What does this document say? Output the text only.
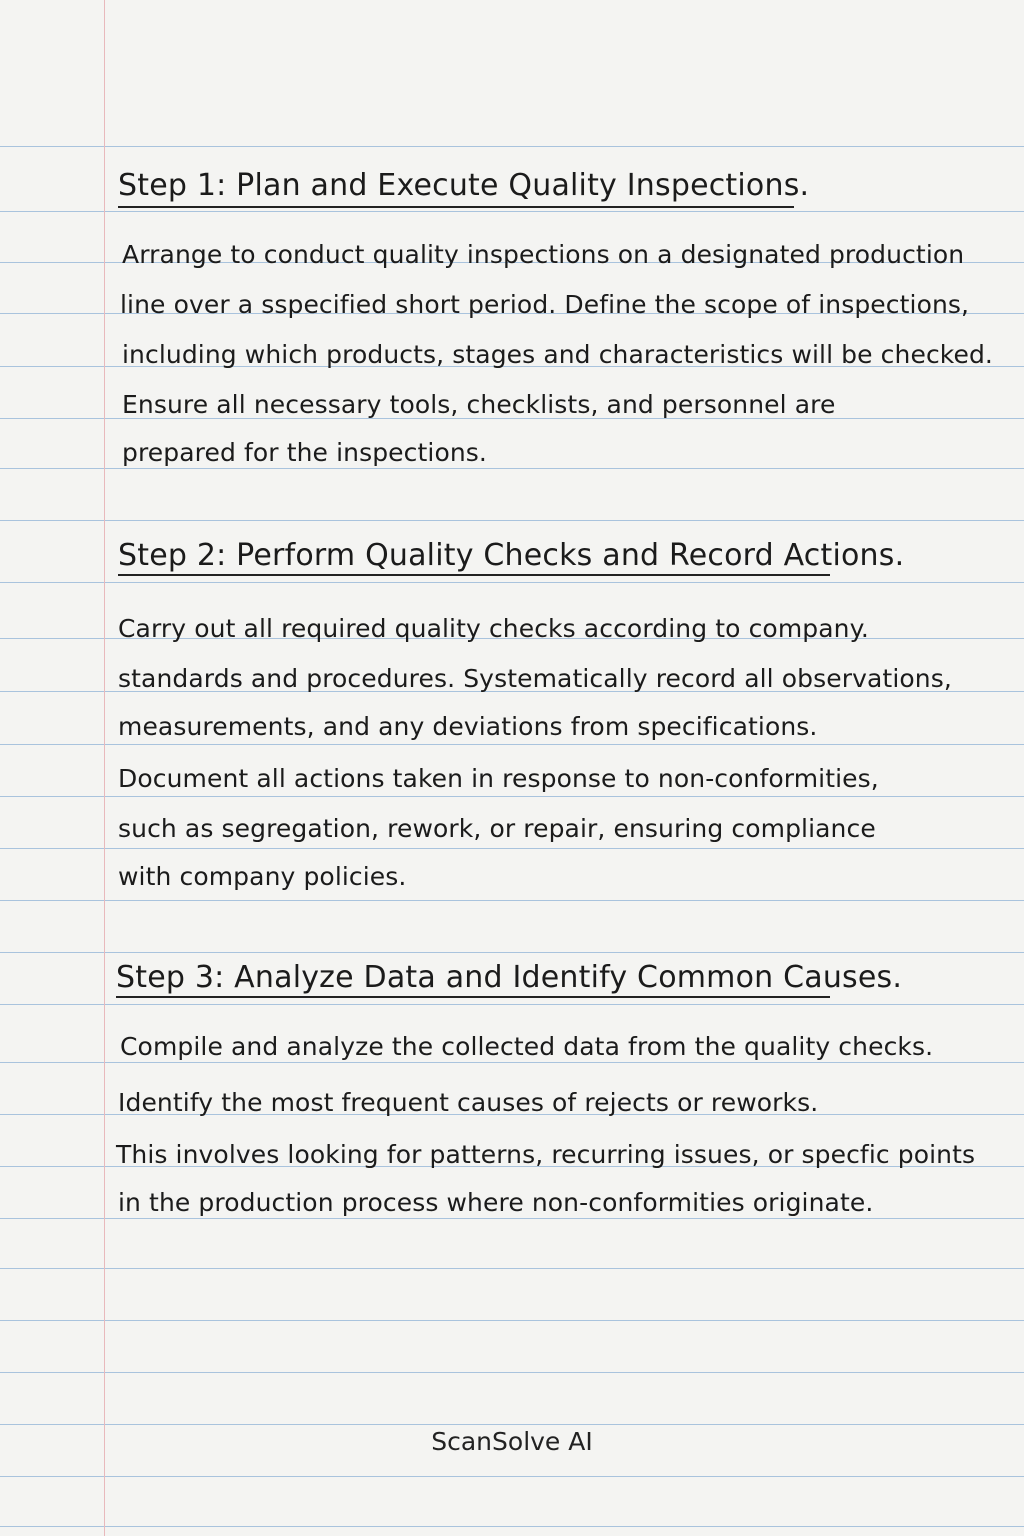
Step 1: Plan and Execute Quality Inspections.

Arrange to conduct quality inspections on a designated production

line over a sspecified short period. Define the scope of inspections,

including which products, stages and characteristics will be checked.

Ensure all necessary tools, checklists, and personnel are

prepared for the inspections.

Step 2: Perform Quality Checks and Record Actions.

Carry out all required quality checks according to company.

standards and procedures. Systematically record all observations,

measurements, and any deviations from specifications.

Document all actions taken in response to non-conformities,

such as segregation, rework, or repair, ensuring compliance

with company policies.

Step 3: Analyze Data and Identify Common Causes.

Compile and analyze the collected data from the quality checks.

Identify the most frequent causes of rejects or reworks.

This involves looking for patterns, recurring issues, or specfic points

in the production process where non-conformities originate.

ScanSolve AI
